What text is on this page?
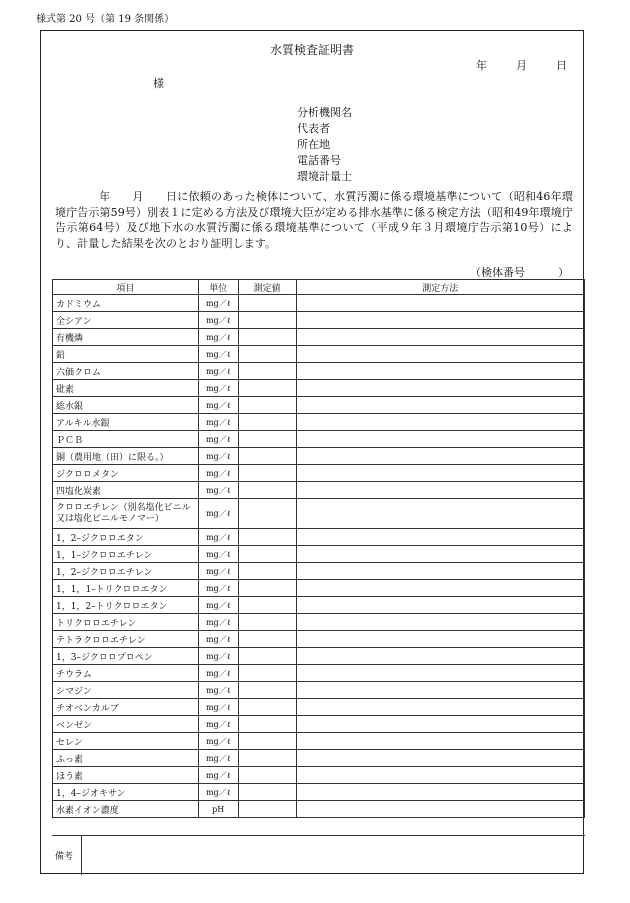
様式第 20 号（第 19 条関係）
水質検査証明書
年	月	日
様
分析機関名
代表者
所在地
電話番号
環境計量士
年 月 日に依頼のあった検体について、水質汚濁に係る環境基準について（昭和46年環境庁告示第59号）別表１に定める方法及び環境大臣が定める排水基準に係る検定方法（昭和49年環境庁告示第64号）及び地下水の水質汚濁に係る環境基準について（平成９年３月環境庁告示第10号）により、計量した結果を次のとおり証明します。
（検体番号　　　）
項目	単位	測定値	測定方法
カドミウム	mg／ℓ		
全シアン	mg／ℓ		
有機燐	mg／ℓ		
鉛	mg／ℓ		
六価クロム	mg／ℓ		
砒素	mg／ℓ		
総水銀	mg／ℓ		
アルキル水銀	mg／ℓ		
ＰＣＢ	mg／ℓ		
銅（農用地（田）に限る。）	mg／ℓ		
ジクロロメタン	mg／ℓ		
四塩化炭素	mg／ℓ		
クロロエチレン（別名塩化ビニル又は塩化ビニルモノマー）	mg／ℓ		
1，2–ジクロロエタン	mg／ℓ		
1，1–ジクロロエチレン	mg／ℓ		
1，2–ジクロロエチレン	mg／ℓ		
1，1，1–トリクロロエタン	mg／ℓ		
1，1，2–トリクロロエタン	mg／ℓ		
トリクロロエチレン	mg／ℓ		
テトラクロロエチレン	mg／ℓ		
1，3–ジクロロプロペン	mg／ℓ		
チウラム	mg／ℓ		
シマジン	mg／ℓ		
チオベンカルブ	mg／ℓ		
ベンゼン	mg／ℓ		
セレン	mg／ℓ		
ふっ素	mg／ℓ		
ほう素	mg／ℓ		
1，4–ジオキサン	mg／ℓ		
水素イオン濃度	pH		
備考
